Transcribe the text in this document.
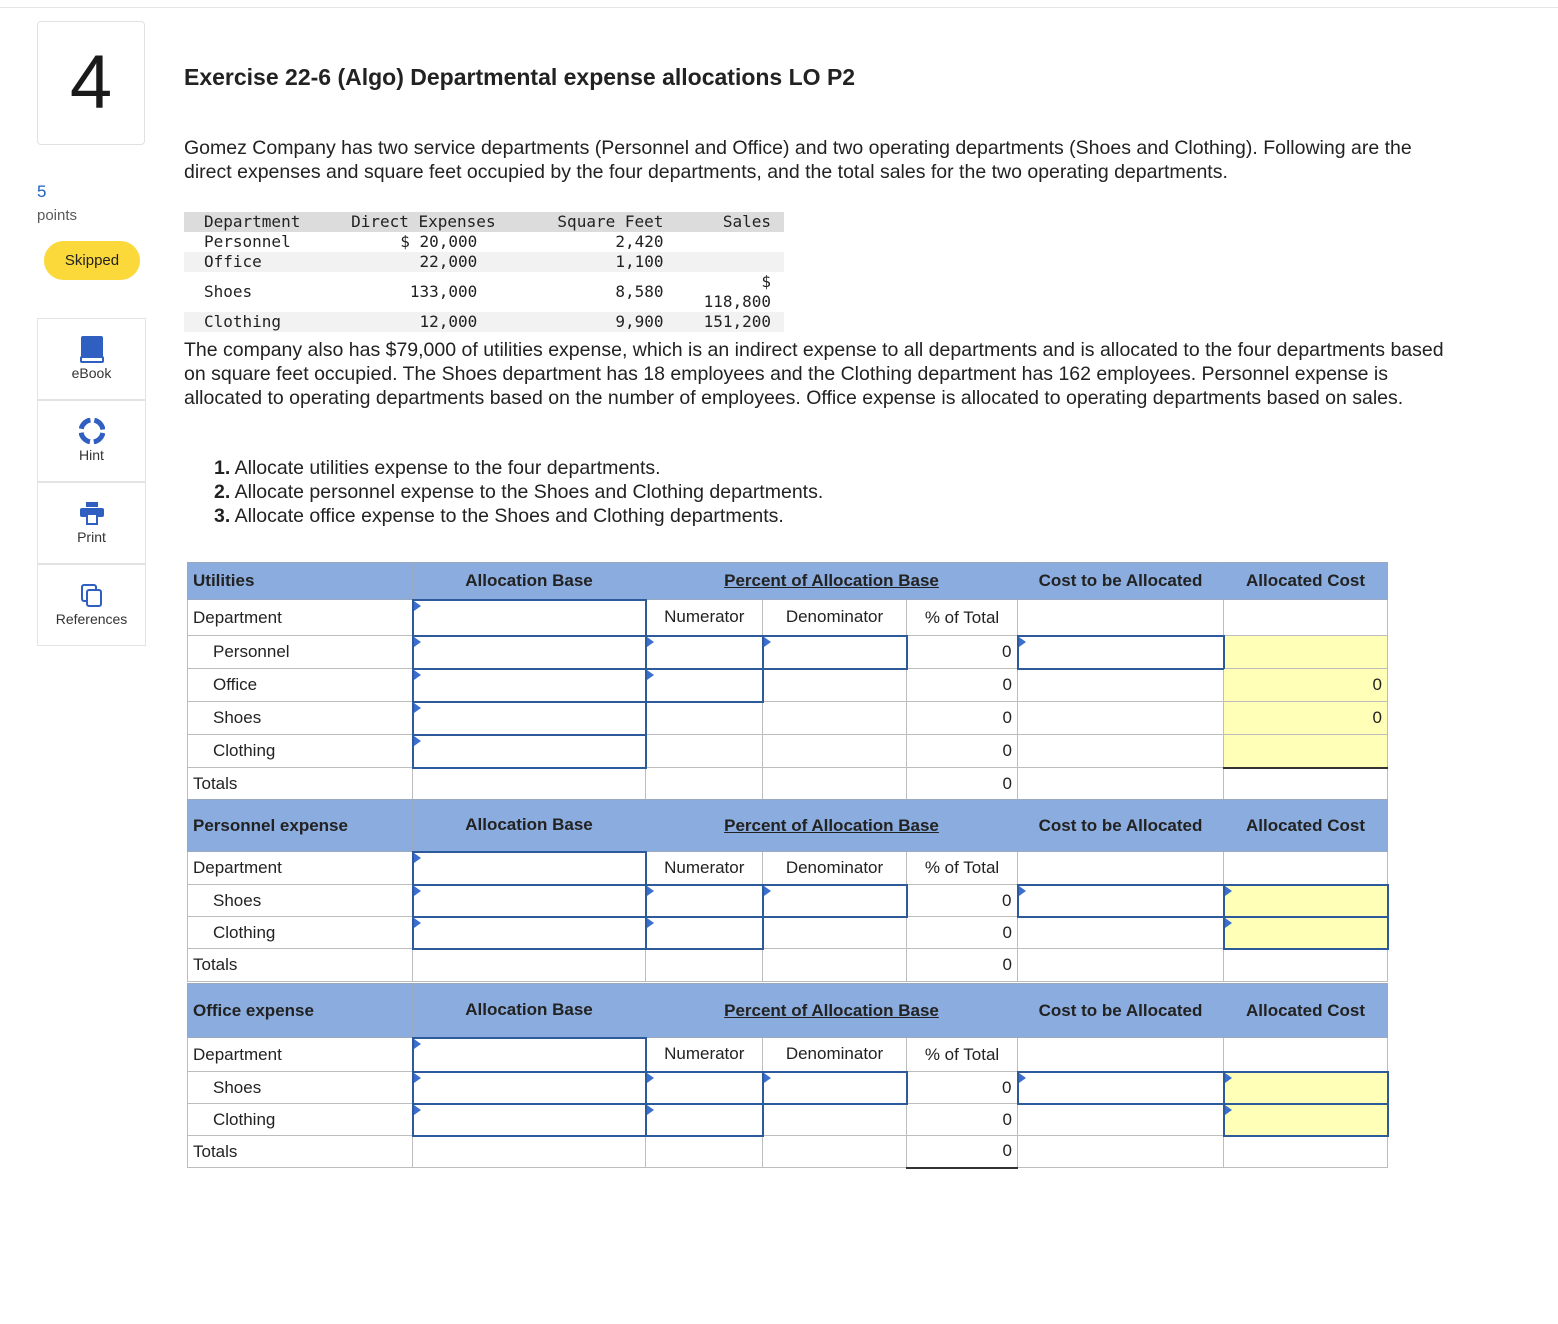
4
5
points
Skipped
eBook
Hint
Print
References
Exercise 22-6 (Algo) Departmental expense allocations LO P2
Gomez Company has two service departments (Personnel and Office) and two operating departments (Shoes and Clothing). Following are the direct expenses and square feet occupied by the four departments, and the total sales for the two operating departments.
Department	Direct Expenses	Square Feet	Sales
Personnel	$ 20,000	2,420	
Office	22,000	1,100	
Shoes	133,000	8,580	$ 118,800
Clothing	12,000	9,900	151,200
The company also has $79,000 of utilities expense, which is an indirect expense to all departments and is allocated to the four departments based on square feet occupied. The Shoes department has 18 employees and the Clothing department has 162 employees. Personnel expense is allocated to operating departments based on the number of employees. Office expense is allocated to operating departments based on sales.
1. Allocate utilities expense to the four departments.
2. Allocate personnel expense to the Shoes and Clothing departments.
3. Allocate office expense to the Shoes and Clothing departments.
Utilities	Allocation Base	Percent of Allocation Base			Cost to be Allocated	Allocated Cost
Department		Numerator	Denominator	% of Total		
Personnel				0		
Office				0		0
Shoes				0		0
Clothing				0		
Totals				0		
Personnel expense	Allocation Base	Percent of Allocation Base			Cost to be Allocated	Allocated Cost
Department		Numerator	Denominator	% of Total		
Shoes				0		
Clothing				0		
Totals				0		
Office expense	Allocation Base	Percent of Allocation Base			Cost to be Allocated	Allocated Cost
Department		Numerator	Denominator	% of Total		
Shoes				0		
Clothing				0		
Totals				0		
